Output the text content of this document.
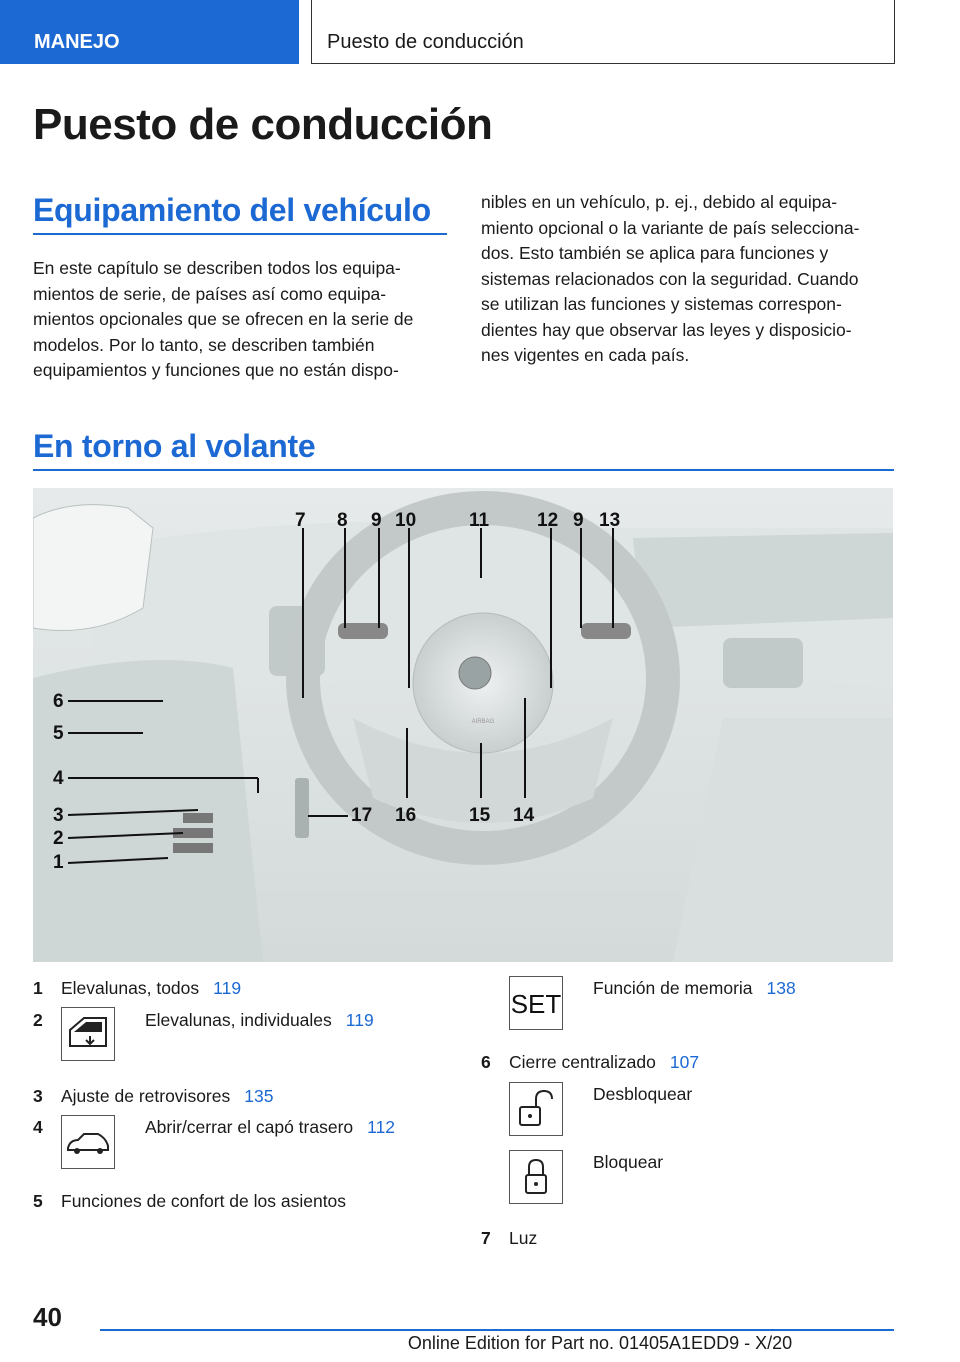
MANEJO	Puesto de conducción
Puesto de conducción
Equipamiento del vehículo
En este capítulo se describen todos los equipa-
mientos de serie, de países así como equipa-
mientos opcionales que se ofrecen en la serie de
modelos. Por lo tanto, se describen también
equipamientos y funciones que no están dispo-
nibles en un vehículo, p. ej., debido al equipa-
miento opcional o la variante de país selecciona-
dos. Esto también se aplica para funciones y
sistemas relacionados con la seguridad. Cuando
se utilizan las funciones y sistemas correspon-
dientes hay que observar las leyes y disposicio-
nes vigentes en cada país.
En torno al volante
AIRBAG
1
2
3
4
5
6
7 8 9 10	11	12 9 13
14
15
16
17
1 Elevalunas, todos 119
2	Elevalunas, individuales 119
3 Ajuste de retrovisores 135
4	Abrir/cerrar el capó trasero 112
5 Funciones de confort de los asientos
SET
Función de memoria 138
6 Cierre centralizado 107
Desbloquear
Bloquear
7 Luz
40
Online Edition for Part no. 01405A1EDD9 - X/20
